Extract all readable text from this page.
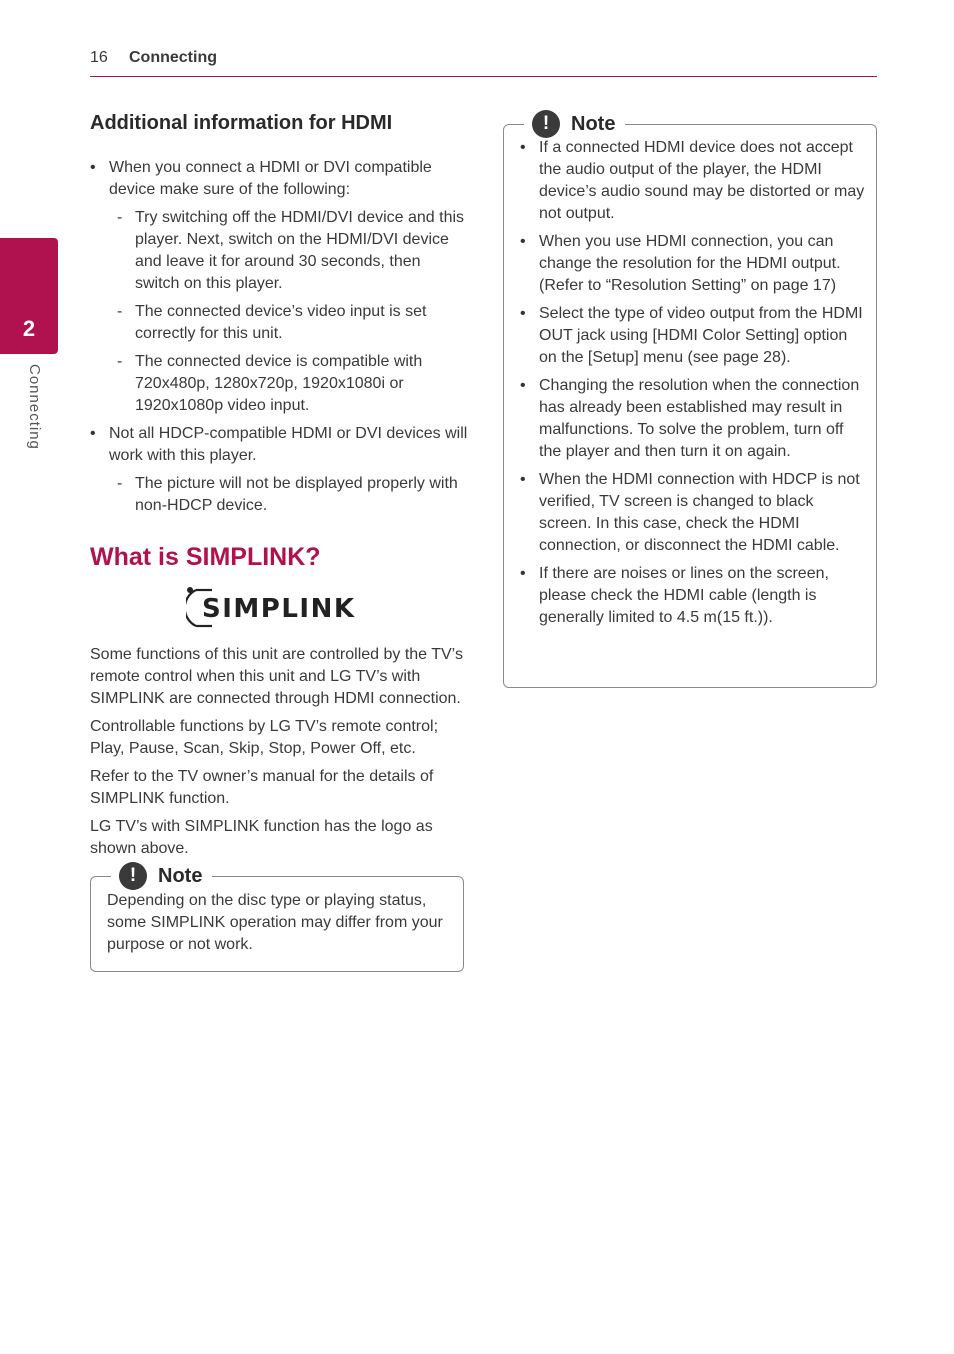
16 Connecting
2
Connecting
Additional information for HDMI
• When you connect a HDMI or DVI compatible device make sure of the following:
- Try switching off the HDMI/DVI device and this player. Next, switch on the HDMI/DVI device and leave it for around 30 seconds, then switch on this player.
- The connected device’s video input is set correctly for this unit.
- The connected device is compatible with 720x480p, 1280x720p, 1920x1080i or 1920x1080p video input.
• Not all HDCP-compatible HDMI or DVI devices will work with this player.
- The picture will not be displayed properly with non-HDCP device.
What is SIMPLINK?
SIMPLINK

Some functions of this unit are controlled by the TV’s remote control when this unit and LG TV’s with SIMPLINK are connected through HDMI connection.

Controllable functions by LG TV’s remote control; Play, Pause, Scan, Skip, Stop, Power Off, etc.

Refer to the TV owner’s manual for the details of SIMPLINK function.

LG TV’s with SIMPLINK function has the logo as shown above.

!	Note
Depending on the disc type or playing status, some SIMPLINK operation may differ from your purpose or not work.
!	Note
• If a connected HDMI device does not accept the audio output of the player, the HDMI device’s audio sound may be distorted or may not output.
• When you use HDMI connection, you can change the resolution for the HDMI output. (Refer to “Resolution Setting” on page 17)
• Select the type of video output from the HDMI OUT jack using [HDMI Color Setting] option on the [Setup] menu (see page 28).
• Changing the resolution when the connection has already been established may result in malfunctions. To solve the problem, turn off the player and then turn it on again.
• When the HDMI connection with HDCP is not verified, TV screen is changed to black screen. In this case, check the HDMI connection, or disconnect the HDMI cable.
• If there are noises or lines on the screen, please check the HDMI cable (length is generally limited to 4.5 m(15 ft.)).
